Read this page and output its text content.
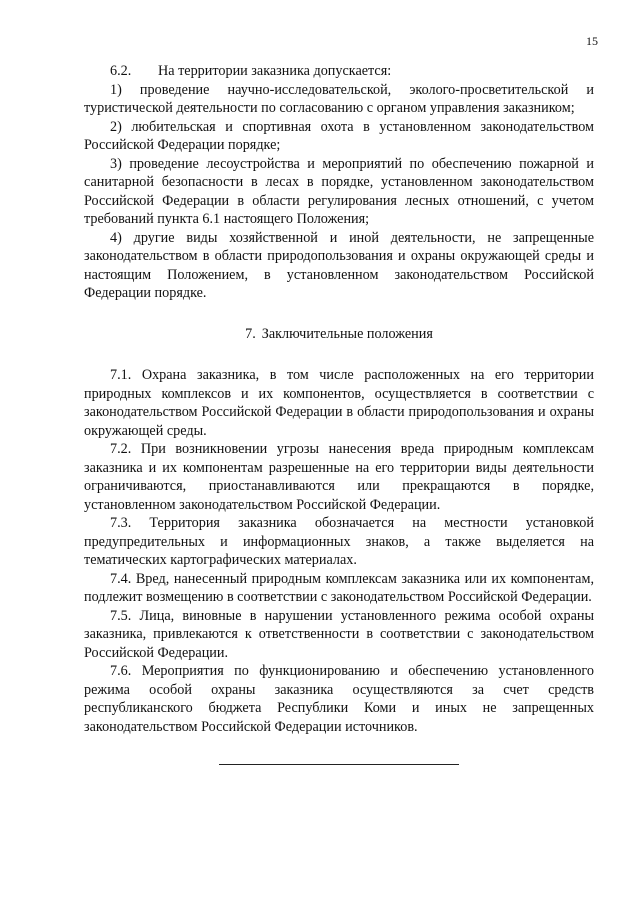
15

6.2. На территории заказника допускается:

1) проведение научно-исследовательской, эколого-просветительской и туристической деятельности по согласованию с органом управления заказником;

2) любительская и спортивная охота в установленном законодательством Российской Федерации порядке;

3) проведение лесоустройства и мероприятий по обеспечению пожарной и санитарной безопасности в лесах в порядке, установленном законодательством Российской Федерации в области регулирования лесных отношений, с учетом требований пункта 6.1 настоящего Положения;

4) другие виды хозяйственной и иной деятельности, не запрещенные законодательством в области природопользования и охраны окружающей среды и настоящим Положением, в установленном законодательством Российской Федерации порядке.

7. Заключительные положения

7.1. Охрана заказника, в том числе расположенных на его территории природных комплексов и их компонентов, осуществляется в соответствии с законодательством Российской Федерации в области природопользования и охраны окружающей среды.

7.2. При возникновении угрозы нанесения вреда природным комплексам заказника и их компонентам разрешенные на его территории виды деятельности ограничиваются, приостанавливаются или прекращаются в порядке, установленном законодательством Российской Федерации.

7.3. Территория заказника обозначается на местности установкой предупредительных и информационных знаков, а также выделяется на тематических картографических материалах.

7.4. Вред, нанесенный природным комплексам заказника или их компонентам, подлежит возмещению в соответствии с законодательством Российской Федерации.

7.5. Лица, виновные в нарушении установленного режима особой охраны заказника, привлекаются к ответственности в соответствии с законодательством Российской Федерации.

7.6. Мероприятия по функционированию и обеспечению установленного режима особой охраны заказника осуществляются за счет средств республиканского бюджета Республики Коми и иных не запрещенных законодательством Российской Федерации источников.
